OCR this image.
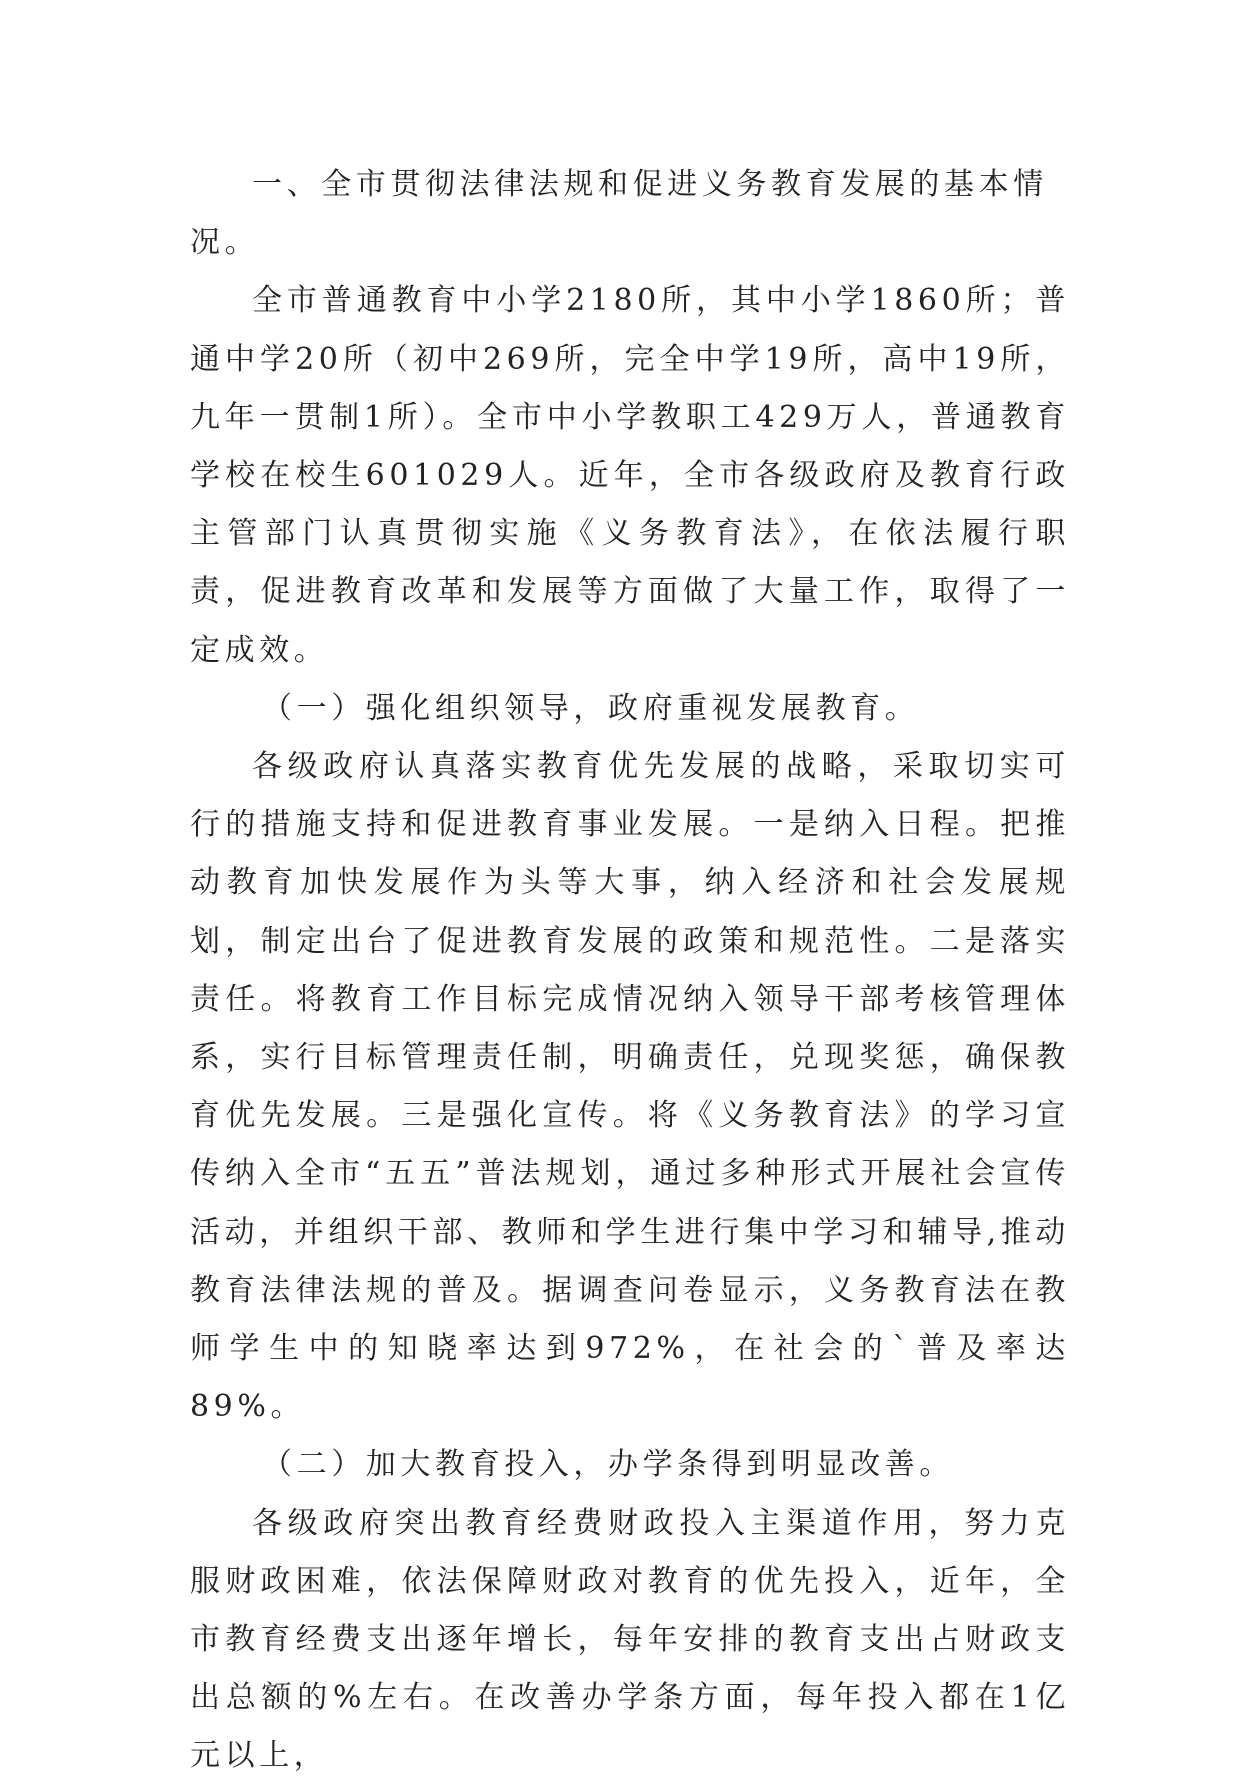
一、全市贯彻法律法规和促进义务教育发展的基本情况。

全市普通教育中小学2180所，其中小学1860所；普通中学20所（初中269所，完全中学19所，高中19所，九年一贯制1所）。全市中小学教职工429万人，普通教育学校在校生601029人。近年，全市各级政府及教育行政主管部门认真贯彻实施《义务教育法》，在依法履行职责，促进教育改革和发展等方面做了大量工作，取得了一定成效。

（一）强化组织领导，政府重视发展教育。

各级政府认真落实教育优先发展的战略，采取切实可行的措施支持和促进教育事业发展。一是纳入日程。把推动教育加快发展作为头等大事，纳入经济和社会发展规划，制定出台了促进教育发展的政策和规范性。二是落实责任。将教育工作目标完成情况纳入领导干部考核管理体系，实行目标管理责任制，明确责任，兑现奖惩，确保教育优先发展。三是强化宣传。将《义务教育法》的学习宣传纳入全市“五五”普法规划，通过多种形式开展社会宣传活动，并组织干部、教师和学生进行集中学习和辅导,推动教育法律法规的普及。据调查问卷显示，义务教育法在教师学生中的知晓率达到972%，在社会的`普及率达89%。

（二）加大教育投入，办学条得到明显改善。

各级政府突出教育经费财政投入主渠道作用，努力克服财政困难，依法保障财政对教育的优先投入，近年，全市教育经费支出逐年增长，每年安排的教育支出占财政支出总额的%左右。在改善办学条方面，每年投入都在1亿元以上，
